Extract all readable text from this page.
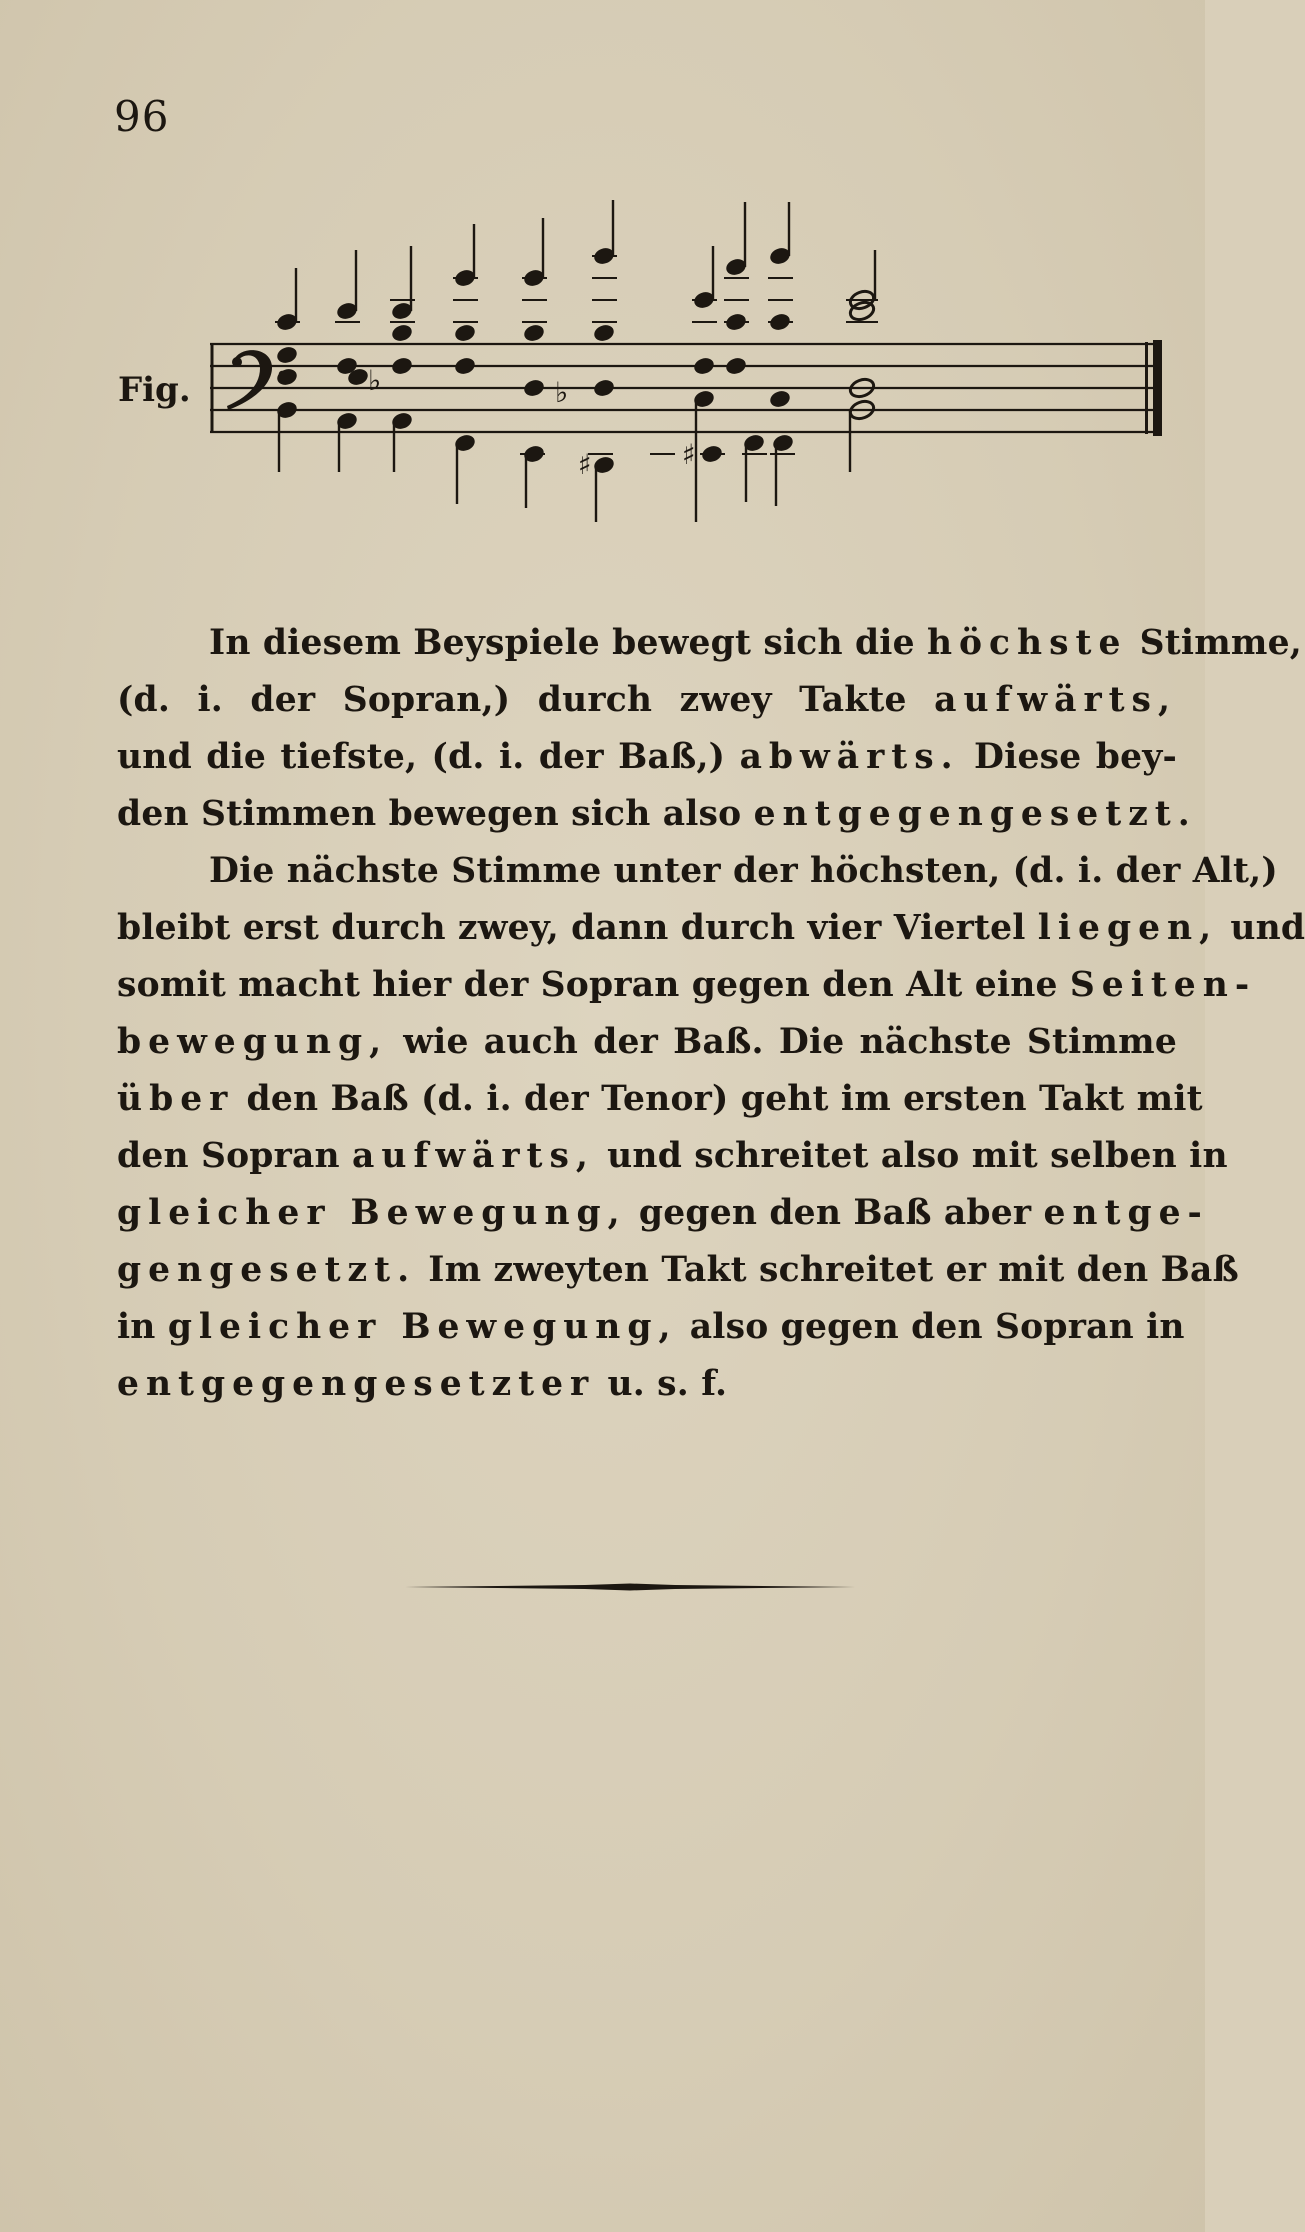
96
Fig.	♭	♭
♯	♯
In diesem Beyspiele bewegt sich die höchste Stimme,
(d. i. der Sopran,) durch zwey Takte aufwärts,
und die tiefste, (d. i. der Baß,) abwärts. Diese bey-
den Stimmen bewegen sich also entgegengesetzt.
Die nächste Stimme unter der höchsten, (d. i. der Alt,)
bleibt erst durch zwey, dann durch vier Viertel liegen, und
somit macht hier der Sopran gegen den Alt eine Seiten-
bewegung, wie auch der Baß. Die nächste Stimme
über den Baß (d. i. der Tenor) geht im ersten Takt mit
den Sopran aufwärts, und schreitet also mit selben in
gleicher Bewegung, gegen den Baß aber entge-
gengesetzt. Im zweyten Takt schreitet er mit den Baß
in gleicher Bewegung, also gegen den Sopran in
entgegengesetzter u. s. f.
